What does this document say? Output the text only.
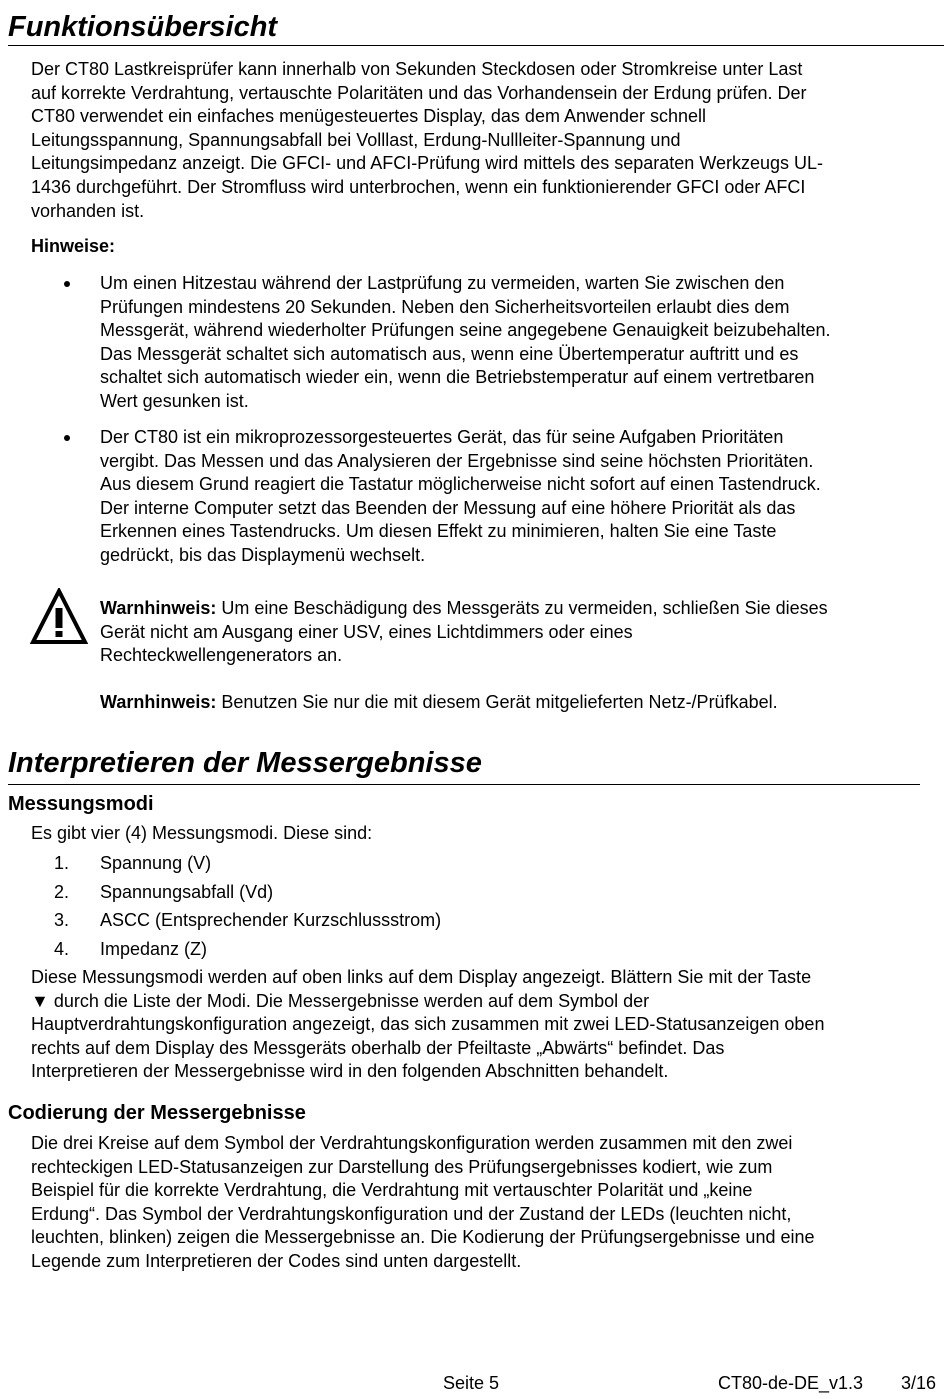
Funktionsübersicht
Der CT80 Lastkreisprüfer kann innerhalb von Sekunden Steckdosen oder Stromkreise unter Last
auf korrekte Verdrahtung, vertauschte Polaritäten und das Vorhandensein der Erdung prüfen. Der
CT80 verwendet ein einfaches menügesteuertes Display, das dem Anwender schnell
Leitungsspannung, Spannungsabfall bei Volllast, Erdung-Nullleiter-Spannung und
Leitungsimpedanz anzeigt. Die GFCI- und AFCI-Prüfung wird mittels des separaten Werkzeugs UL-
1436 durchgeführt. Der Stromfluss wird unterbrochen, wenn ein funktionierender GFCI oder AFCI
vorhanden ist.
Hinweise:
Um einen Hitzestau während der Lastprüfung zu vermeiden, warten Sie zwischen den
Prüfungen mindestens 20 Sekunden. Neben den Sicherheitsvorteilen erlaubt dies dem
Messgerät, während wiederholter Prüfungen seine angegebene Genauigkeit beizubehalten.
Das Messgerät schaltet sich automatisch aus, wenn eine Übertemperatur auftritt und es
schaltet sich automatisch wieder ein, wenn die Betriebstemperatur auf einem vertretbaren
Wert gesunken ist.
Der CT80 ist ein mikroprozessorgesteuertes Gerät, das für seine Aufgaben Prioritäten
vergibt. Das Messen und das Analysieren der Ergebnisse sind seine höchsten Prioritäten.
Aus diesem Grund reagiert die Tastatur möglicherweise nicht sofort auf einen Tastendruck.
Der interne Computer setzt das Beenden der Messung auf eine höhere Priorität als das
Erkennen eines Tastendrucks. Um diesen Effekt zu minimieren, halten Sie eine Taste
gedrückt, bis das Displaymenü wechselt.
Warnhinweis: Um eine Beschädigung des Messgeräts zu vermeiden, schließen Sie dieses
Gerät nicht am Ausgang einer USV, eines Lichtdimmers oder eines
Rechteckwellengenerators an.
Warnhinweis: Benutzen Sie nur die mit diesem Gerät mitgelieferten Netz-/Prüfkabel.
Interpretieren der Messergebnisse
Messungsmodi
Es gibt vier (4) Messungsmodi. Diese sind:
1. Spannung (V)
2. Spannungsabfall (Vd)
3. ASCC (Entsprechender Kurzschlussstrom)
4. Impedanz (Z)
Diese Messungsmodi werden auf oben links auf dem Display angezeigt. Blättern Sie mit der Taste
▼ durch die Liste der Modi. Die Messergebnisse werden auf dem Symbol der
Hauptverdrahtungskonfiguration angezeigt, das sich zusammen mit zwei LED-Statusanzeigen oben
rechts auf dem Display des Messgeräts oberhalb der Pfeiltaste „Abwärts“ befindet. Das
Interpretieren der Messergebnisse wird in den folgenden Abschnitten behandelt.
Codierung der Messergebnisse
Die drei Kreise auf dem Symbol der Verdrahtungskonfiguration werden zusammen mit den zwei
rechteckigen LED-Statusanzeigen zur Darstellung des Prüfungsergebnisses kodiert, wie zum
Beispiel für die korrekte Verdrahtung, die Verdrahtung mit vertauschter Polarität und „keine
Erdung“. Das Symbol der Verdrahtungskonfiguration und der Zustand der LEDs (leuchten nicht,
leuchten, blinken) zeigen die Messergebnisse an. Die Kodierung der Prüfungsergebnisse und eine
Legende zum Interpretieren der Codes sind unten dargestellt.
Seite 5	CT80-de-DE_v1.3 3/16
